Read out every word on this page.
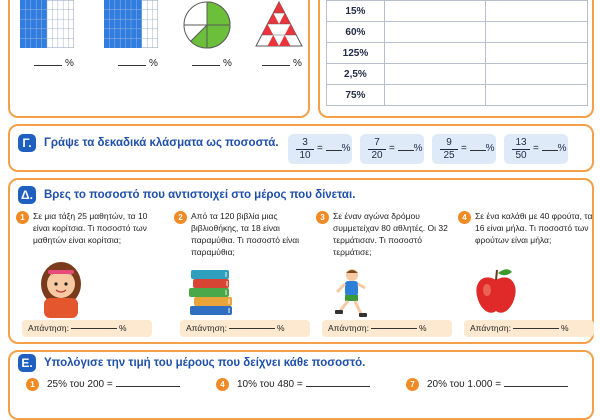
%	%	%	%
15%		
60%		
125%		
2,5%		
75%		
Γ.	Γράψε τα δεκαδικά κλάσματα ως ποσοστά. $\frac{3}{10}$ = % $\frac{7}{20}$ = % $\frac{9}{25}$ = % $\frac{13}{50}$ = %
Δ. Βρες το ποσοστό που αντιστοιχεί στο μέρος που δίνεται.
1 Σε μια τάξη 25 μαθητών, τα 10 είναι κορίτσια. Τι ποσοστό των μαθητών είναι κορίτσια;
Απάντηση:	%
2 Από τα 120 βιβλία μιας βιβλιοθήκης, τα 18 είναι παραμύθια. Τι ποσοστό είναι παραμύθια;
Απάντηση:	%
3 Σε έναν αγώνα δρόμου συμμετείχαν 80 αθλητές. Οι 32 τερμάτισαν. Τι ποσοστό τερμάτισε;
Απάντηση:	%
4 Σε ένα καλάθι με 40 φρούτα, τα 16 είναι μήλα. Τι ποσοστό των φρούτων είναι μήλα;
Απάντηση:	%
Ε. Υπολόγισε την τιμή του μέρους που δείχνει κάθε ποσοστό.
1 25% του 200 =	4 10% του 480 =	7 20% του 1.000 =
